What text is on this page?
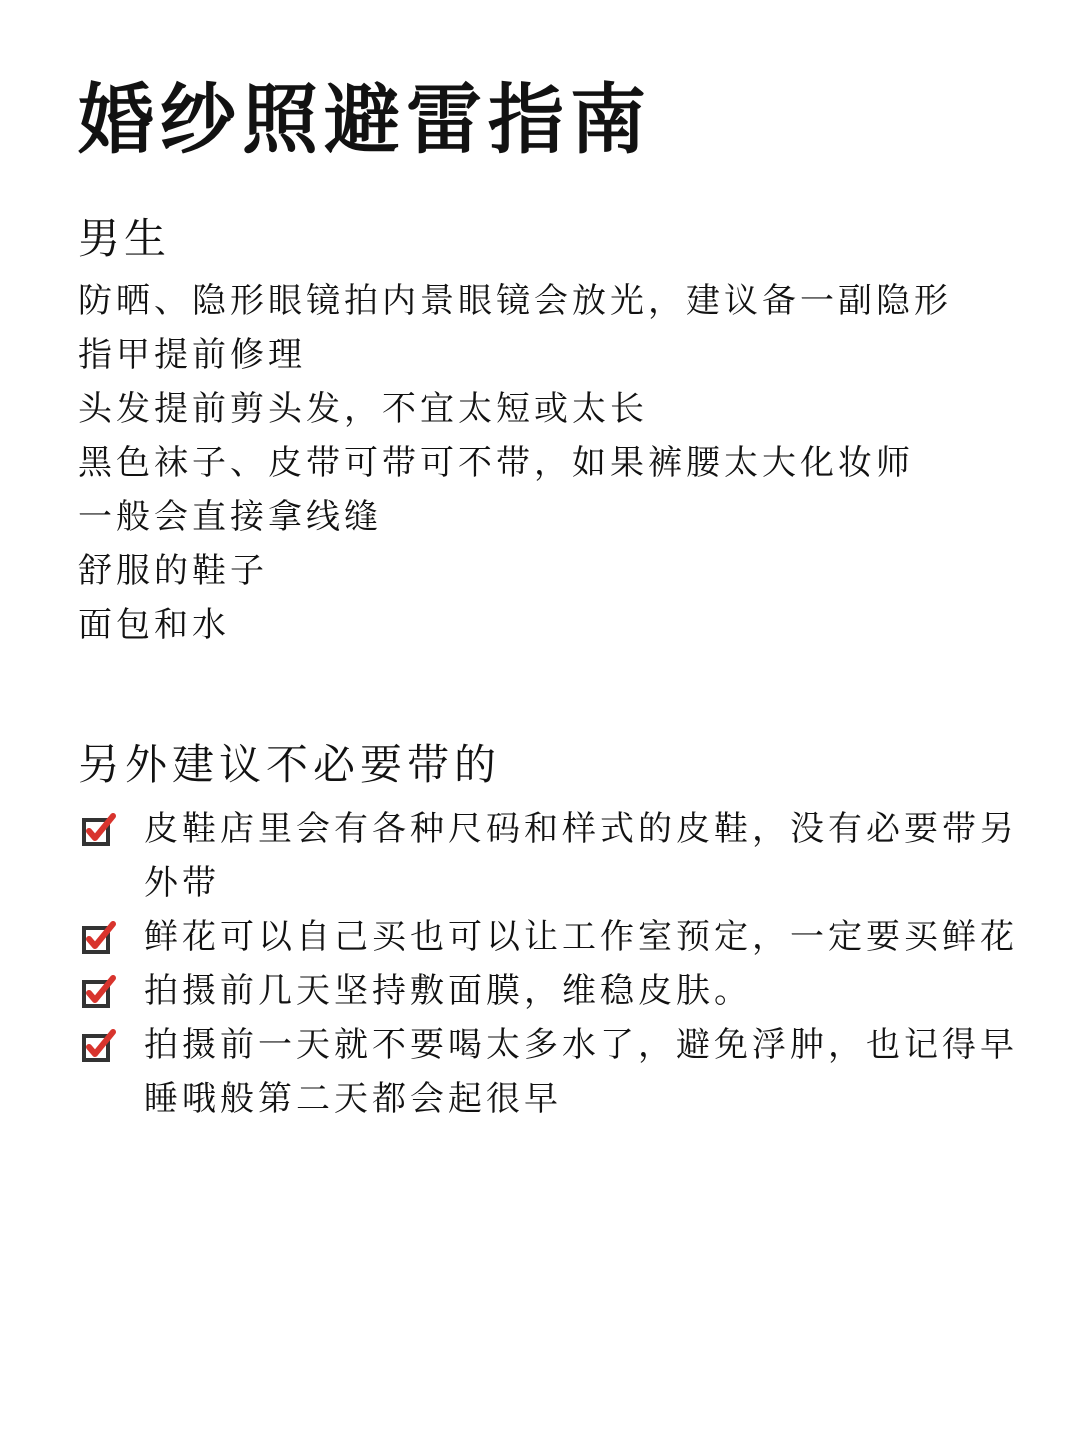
婚纱照避雷指南
男生
防晒、隐形眼镜拍内景眼镜会放光，建议备一副隐形
指甲提前修理
头发提前剪头发，不宜太短或太长
黑色袜子、皮带可带可不带，如果裤腰太大化妆师
一般会直接拿线缝
舒服的鞋子
面包和水
另外建议不必要带的
皮鞋店里会有各种尺码和样式的皮鞋，没有必要带另外带
鲜花可以自己买也可以让工作室预定，一定要买鲜花
拍摄前几天坚持敷面膜，维稳皮肤。
拍摄前一天就不要喝太多水了，避免浮肿，也记得早睡哦般第二天都会起很早
